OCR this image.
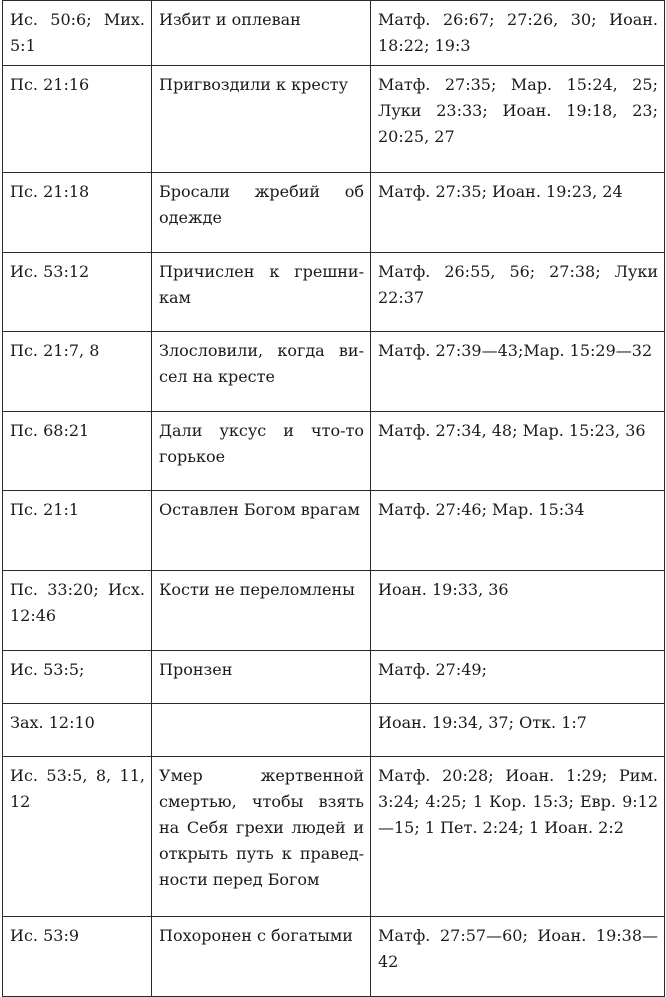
Ис. 50:6; Мих. 5:1	Избит и оплеван	Матф. 26:67; 27:26, 30; Иоан. 18:22; 19:3
Пс. 21:16	Пригвоздили к кресту	Матф. 27:35; Мар. 15:24, 25; Луки 23:33; Иоан. 19:18, 23; 20:25, 27
Пс. 21:18	Бросали жребий об одежде	Матф. 27:35; Иоан. 19:23, 24
Ис. 53:12	Причислен к грешникам	Матф. 26:55, 56; 27:38; Луки 22:37
Пс. 21:7, 8	Злословили, когда висел на кресте	Матф. 27:39—43;Мар. 15:29—32
Пс. 68:21	Дали уксус и что-то горькое	Матф. 27:34, 48; Мар. 15:23, 36
Пс. 21:1	Оставлен Богом врагам	Матф. 27:46; Мар. 15:34
Пс. 33:20; Исх. 12:46	Кости не переломлены	Иоан. 19:33, 36
Ис. 53:5;	Пронзен	Матф. 27:49;
Зах. 12:10		Иоан. 19:34, 37; Отк. 1:7
Ис. 53:5, 8, 11, 12	Умер жертвенной смертью, чтобы взять на Себя грехи людей и открыть путь к праведности перед Богом	Матф. 20:28; Иоан. 1:29; Рим. 3:24; 4:25; 1 Кор. 15:3; Евр. 9:12—15; 1 Пет. 2:24; 1 Иоан. 2:2
Ис. 53:9	Похоронен с богатыми	Матф. 27:57—60; Иоан. 19:38—42
